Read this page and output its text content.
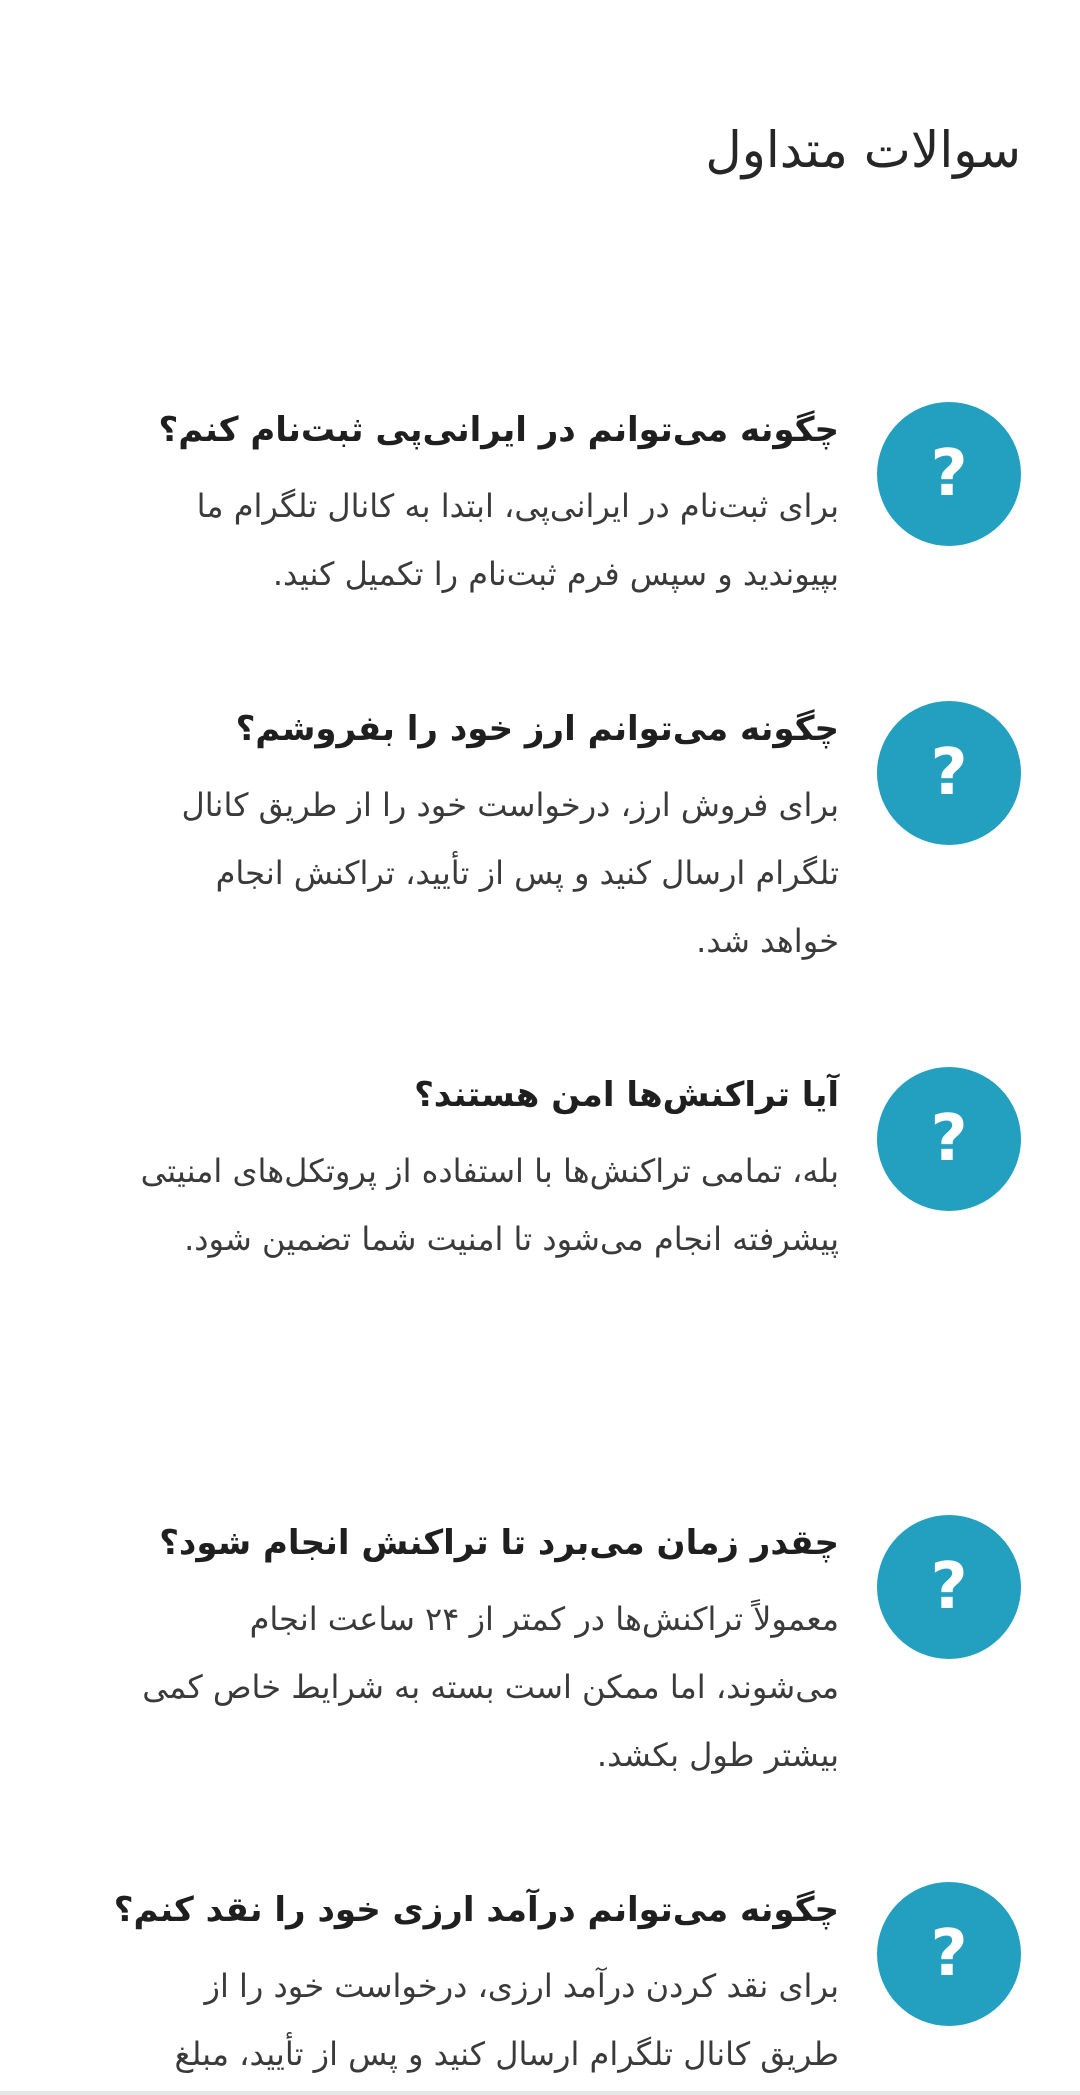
سوالات متداول
?
چگونه می‌توانم در ایرانی‌پی ثبت‌نام کنم؟

برای ثبت‌نام در ایرانی‌پی، ابتدا به کانال تلگرام ما بپیوندید و سپس فرم ثبت‌نام را تکمیل کنید.

?
چگونه می‌توانم ارز خود را بفروشم؟

برای فروش ارز، درخواست خود را از طریق کانال تلگرام ارسال کنید و پس از تأیید، تراکنش انجام خواهد شد.

?
آیا تراکنش‌ها امن هستند؟

بله، تمامی تراکنش‌ها با استفاده از پروتکل‌های امنیتی پیشرفته انجام می‌شود تا امنیت شما تضمین شود.

?
چقدر زمان می‌برد تا تراکنش انجام شود؟

معمولاً تراکنش‌ها در کمتر از ۲۴ ساعت انجام می‌شوند، اما ممکن است بسته به شرایط خاص کمی بیشتر طول بکشد.

?
چگونه می‌توانم درآمد ارزی خود را نقد کنم؟

برای نقد کردن درآمد ارزی، درخواست خود را از طریق کانال تلگرام ارسال کنید و پس از تأیید، مبلغ
